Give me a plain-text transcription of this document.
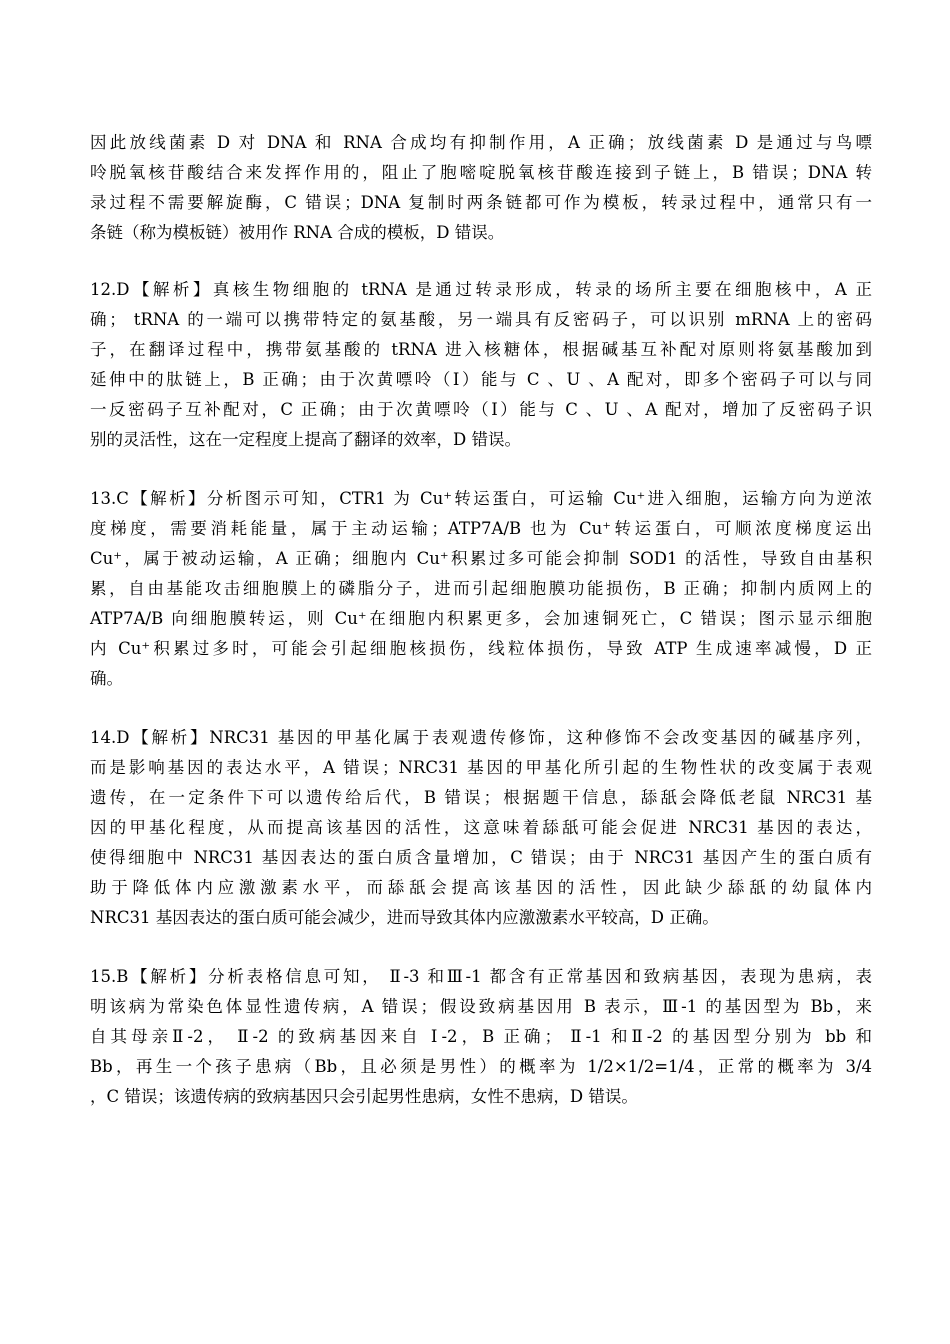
因此放线菌素 D 对 DNA 和 RNA 合成均有抑制作用，A 正确；放线菌素 D 是通过与鸟嘌
呤脱氧核苷酸结合来发挥作用的，阻止了胞嘧啶脱氧核苷酸连接到子链上，B 错误；DNA 转
录过程不需要解旋酶，C 错误；DNA 复制时两条链都可作为模板，转录过程中，通常只有一
条链（称为模板链）被用作 RNA 合成的模板，D 错误。
12.D【解析】真核生物细胞的 tRNA 是通过转录形成，转录的场所主要在细胞核中，A 正
确； tRNA 的一端可以携带特定的氨基酸，另一端具有反密码子，可以识别 mRNA 上的密码
子，在翻译过程中，携带氨基酸的 tRNA 进入核糖体，根据碱基互补配对原则将氨基酸加到
延伸中的肽链上，B 正确；由于次黄嘌呤（I）能与 C 、U 、A 配对，即多个密码子可以与同
一反密码子互补配对，C 正确；由于次黄嘌呤（I）能与 C 、U 、A 配对，增加了反密码子识
别的灵活性，这在一定程度上提高了翻译的效率，D 错误。
13.C【解析】分析图示可知，CTR1 为 Cu⁺转运蛋白，可运输 Cu⁺进入细胞，运输方向为逆浓
度梯度，需要消耗能量，属于主动运输；ATP7A/B 也为 Cu⁺转运蛋白，可顺浓度梯度运出
Cu⁺，属于被动运输，A 正确；细胞内 Cu⁺积累过多可能会抑制 SOD1 的活性，导致自由基积
累，自由基能攻击细胞膜上的磷脂分子，进而引起细胞膜功能损伤，B 正确；抑制内质网上的
ATP7A/B 向细胞膜转运，则 Cu⁺在细胞内积累更多，会加速铜死亡，C 错误；图示显示细胞
内 Cu⁺积累过多时，可能会引起细胞核损伤，线粒体损伤，导致 ATP 生成速率减慢，D 正
确。
14.D【解析】NRC31 基因的甲基化属于表观遗传修饰，这种修饰不会改变基因的碱基序列，
而是影响基因的表达水平，A 错误；NRC31 基因的甲基化所引起的生物性状的改变属于表观
遗传，在一定条件下可以遗传给后代，B 错误；根据题干信息，舔舐会降低老鼠 NRC31 基
因的甲基化程度，从而提高该基因的活性，这意味着舔舐可能会促进 NRC31 基因的表达，
使得细胞中 NRC31 基因表达的蛋白质含量增加，C 错误；由于 NRC31 基因产生的蛋白质有
助于降低体内应激激素水平，而舔舐会提高该基因的活性，因此缺少舔舐的幼鼠体内
NRC31 基因表达的蛋白质可能会减少，进而导致其体内应激激素水平较高，D 正确。
15.B【解析】分析表格信息可知， Ⅱ-3 和Ⅲ-1 都含有正常基因和致病基因，表现为患病，表
明该病为常染色体显性遗传病，A 错误；假设致病基因用 B 表示，Ⅲ-1 的基因型为 Bb，来
自其母亲Ⅱ-2， Ⅱ-2 的致病基因来自 Ⅰ-2，B 正确； Ⅱ-1 和Ⅱ-2 的基因型分别为 bb 和
Bb，再生一个孩子患病（Bb，且必须是男性）的概率为 1/2×1/2=1/4，正常的概率为 3/4
，C 错误；该遗传病的致病基因只会引起男性患病，女性不患病，D 错误。
